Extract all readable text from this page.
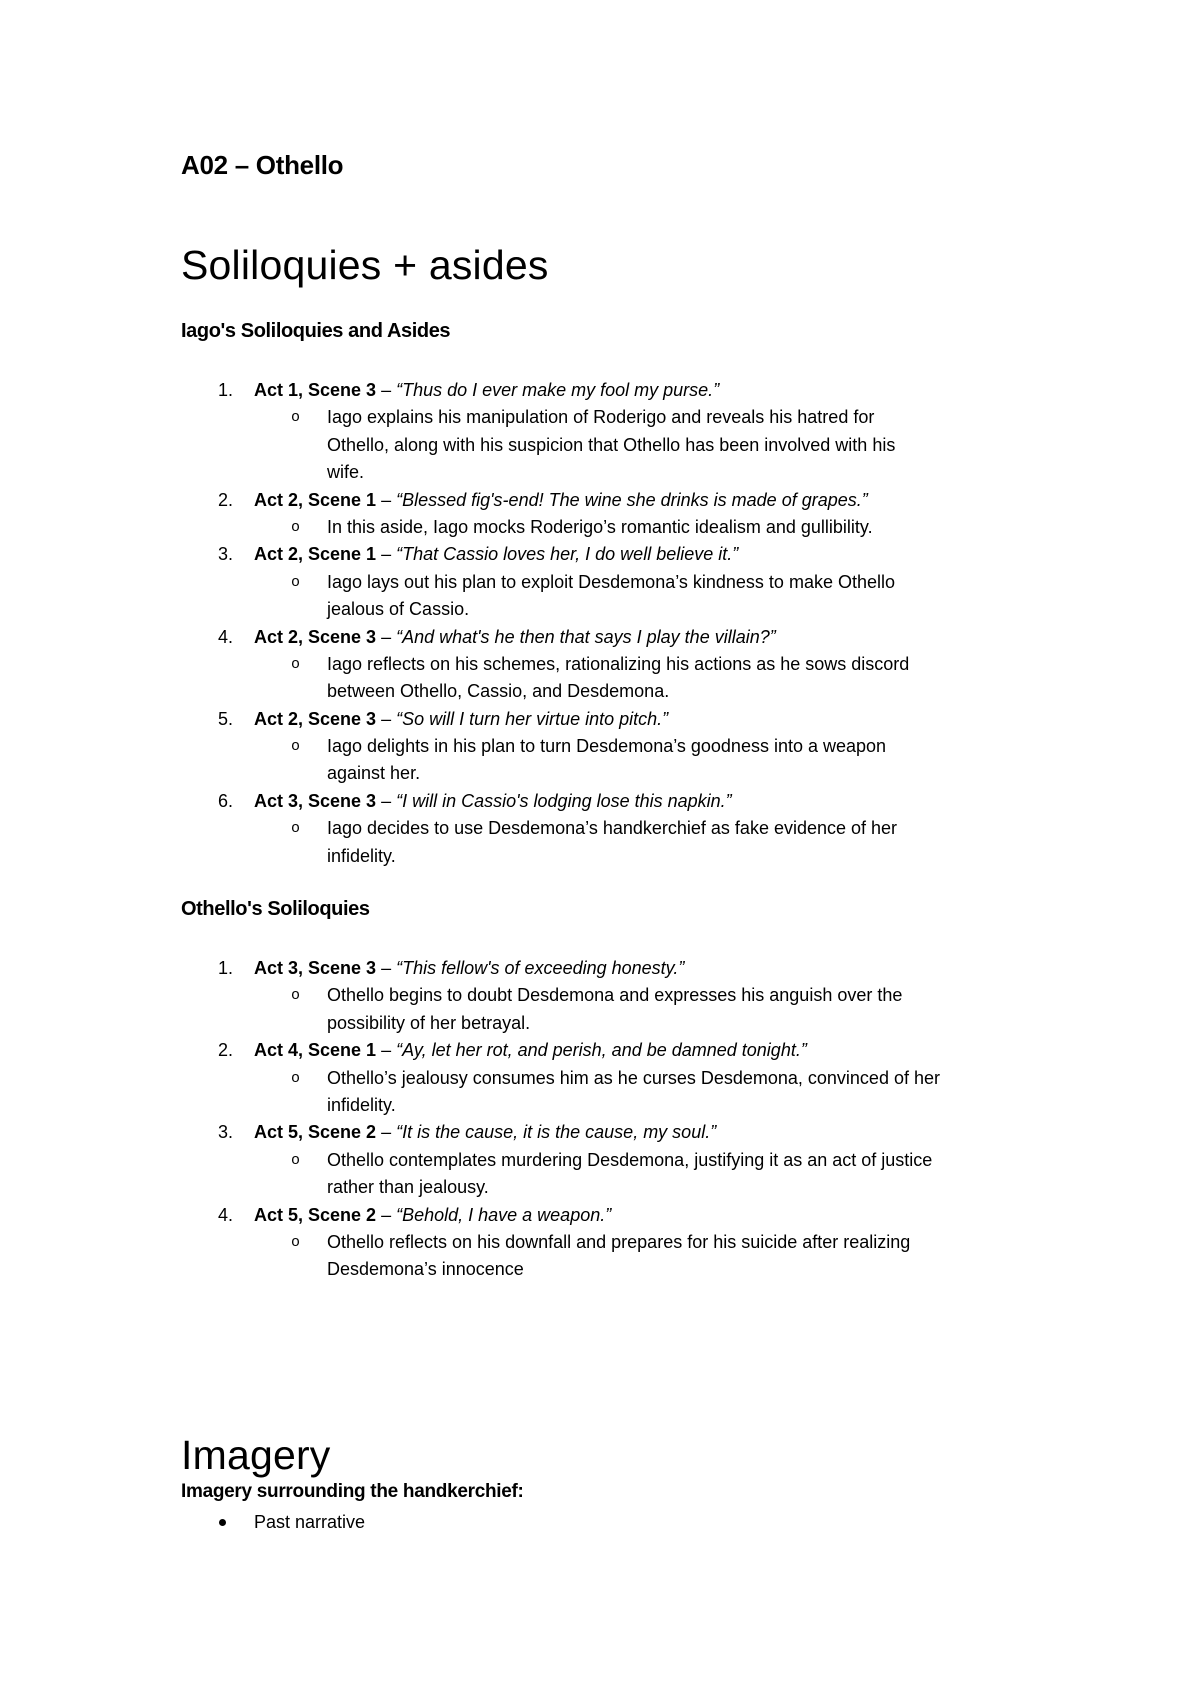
A02 – Othello
Soliloquies + asides
Iago's Soliloquies and Asides
1. Act 1, Scene 3 – “Thus do I ever make my fool my purse.”
o Iago explains his manipulation of Roderigo and reveals his hatred for
Othello, along with his suspicion that Othello has been involved with his
wife.
2. Act 2, Scene 1 – “Blessed fig's-end! The wine she drinks is made of grapes.”
o In this aside, Iago mocks Roderigo’s romantic idealism and gullibility.
3. Act 2, Scene 1 – “That Cassio loves her, I do well believe it.”
o Iago lays out his plan to exploit Desdemona’s kindness to make Othello
jealous of Cassio.
4. Act 2, Scene 3 – “And what's he then that says I play the villain?”
o Iago reflects on his schemes, rationalizing his actions as he sows discord
between Othello, Cassio, and Desdemona.
5. Act 2, Scene 3 – “So will I turn her virtue into pitch.”
o Iago delights in his plan to turn Desdemona’s goodness into a weapon
against her.
6. Act 3, Scene 3 – “I will in Cassio's lodging lose this napkin.”
o Iago decides to use Desdemona’s handkerchief as fake evidence of her
infidelity.
Othello's Soliloquies
1. Act 3, Scene 3 – “This fellow's of exceeding honesty.”
o Othello begins to doubt Desdemona and expresses his anguish over the
possibility of her betrayal.
2. Act 4, Scene 1 – “Ay, let her rot, and perish, and be damned tonight.”
o Othello’s jealousy consumes him as he curses Desdemona, convinced of her
infidelity.
3. Act 5, Scene 2 – “It is the cause, it is the cause, my soul.”
o Othello contemplates murdering Desdemona, justifying it as an act of justice
rather than jealousy.
4. Act 5, Scene 2 – “Behold, I have a weapon.”
o Othello reflects on his downfall and prepares for his suicide after realizing
Desdemona’s innocence
Imagery
Imagery surrounding the handkerchief:
Past narrative
